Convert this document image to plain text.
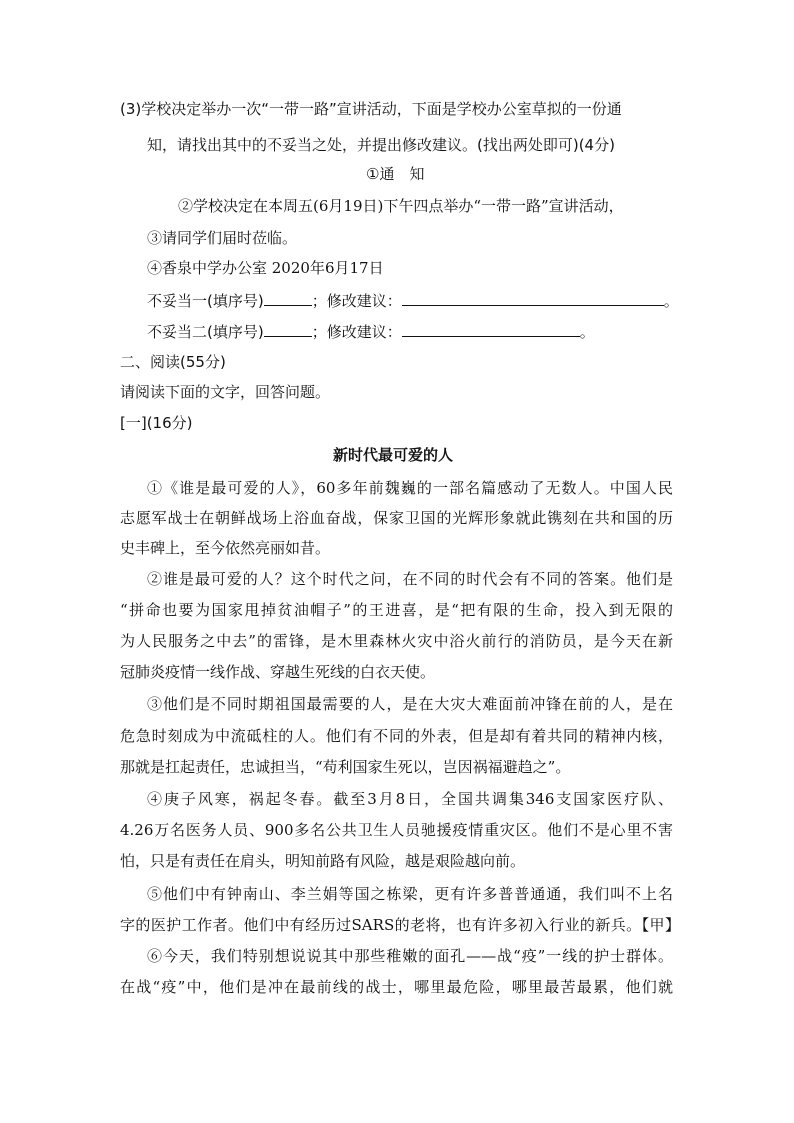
(3)学校决定举办一次“一带一路”宣讲活动，下面是学校办公室草拟的一份通
知，请找出其中的不妥当之处，并提出修改建议。(找出两处即可)(4分)
①通　知
②学校决定在本周五(6月19日)下午四点举办“一带一路”宣讲活动，
③请同学们届时莅临。
④香泉中学办公室 2020年6月17日
不妥当一(填序号)	；修改建议：	。
不妥当二(填序号)	；修改建议：	。
二、阅读(55分)
请阅读下面的文字，回答问题。
[一](16分)
新时代最可爱的人
①《谁是最可爱的人》，60多年前魏巍的一部名篇感动了无数人。中国人民
志愿军战士在朝鲜战场上浴血奋战，保家卫国的光辉形象就此镌刻在共和国的历
史丰碑上，至今依然亮丽如昔。
②谁是最可爱的人？这个时代之问，在不同的时代会有不同的答案。他们是
“拼命也要为国家甩掉贫油帽子”的王进喜，是“把有限的生命，投入到无限的
为人民服务之中去”的雷锋，是木里森林火灾中浴火前行的消防员，是今天在新
冠肺炎疫情一线作战、穿越生死线的白衣天使。
③他们是不同时期祖国最需要的人，是在大灾大难面前冲锋在前的人，是在
危急时刻成为中流砥柱的人。他们有不同的外表，但是却有着共同的精神内核，
那就是扛起责任，忠诚担当，“苟利国家生死以，岂因祸福避趋之”。
④庚子风寒，祸起冬春。截至3月8日，全国共调集346支国家医疗队、
4.26万名医务人员、900多名公共卫生人员驰援疫情重灾区。他们不是心里不害
怕，只是有责任在肩头，明知前路有风险，越是艰险越向前。
⑤他们中有钟南山、李兰娟等国之栋梁，更有许多普普通通，我们叫不上名
字的医护工作者。他们中有经历过SARS的老将，也有许多初入行业的新兵。【甲】
⑥今天，我们特别想说说其中那些稚嫩的面孔——战“疫”一线的护士群体。
在战“疫”中，他们是冲在最前线的战士，哪里最危险，哪里最苦最累，他们就
